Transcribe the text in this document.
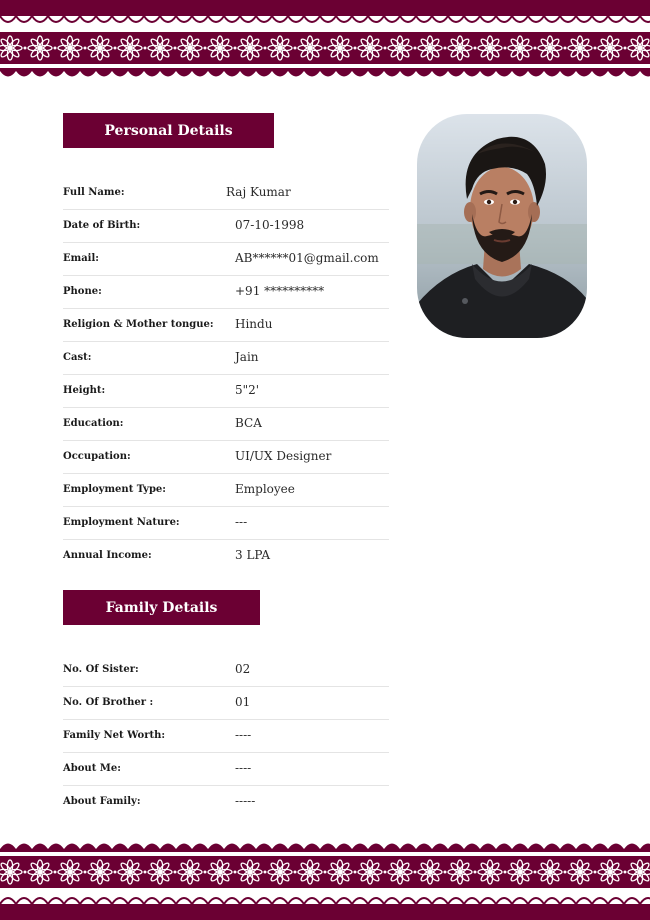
Personal Details
Full Name:	Raj Kumar
Date of Birth:	07-10-1998
Email:	AB******01@gmail.com
Phone:	+91 **********
Religion & Mother tongue: Hindu
Cast:	Jain
Height:	5"2'
Education:	BCA
Occupation:	UI/UX Designer
Employment Type:	Employee
Employment Nature:	---
Annual Income:	3 LPA
Family Details
No. Of Sister:	02
No. Of Brother :	01
Family Net Worth:	----
About Me:	----
About Family:	-----
